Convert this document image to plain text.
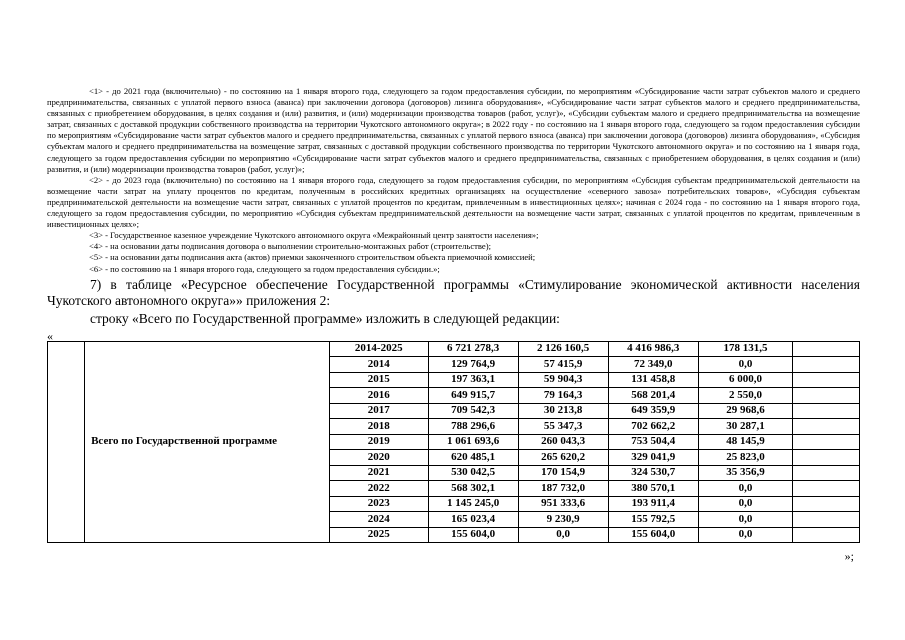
<1> - до 2021 года (включительно) - по состоянию на 1 января второго года, следующего за годом предоставления субсидии, по мероприятиям «Субсидирование части затрат субъектов малого и среднего предпринимательства, связанных с уплатой первого взноса (аванса) при заключении договора (договоров) лизинга оборудования», «Субсидирование части затрат субъектов малого и среднего предпринимательства, связанных с приобретением оборудования, в целях создания и (или) развития, и (или) модернизации производства товаров (работ, услуг)», «Субсидии субъектам малого и среднего предпринимательства на возмещение затрат, связанных с доставкой продукции собственного производства на территории Чукотского автономного округа»; в 2022 году - по состоянию на 1 января второго года, следующего за годом предоставления субсидии по мероприятиям «Субсидирование части затрат субъектов малого и среднего предпринимательства, связанных с уплатой первого взноса (аванса) при заключении договора (договоров) лизинга оборудования», «Субсидия субъектам малого и среднего предпринимательства на возмещение затрат, связанных с доставкой продукции собственного производства по территории Чукотского автономного округа» и по состоянию на 1 января года, следующего за годом предоставления субсидии по мероприятию «Субсидирование части затрат субъектов малого и среднего предпринимательства, связанных с приобретением оборудования, в целях создания и (или) развития, и (или) модернизации производства товаров (работ, услуг)»;

<2> - до 2023 года (включительно) по состоянию на 1 января второго года, следующего за годом предоставления субсидии, по мероприятиям «Субсидия субъектам предпринимательской деятельности на возмещение части затрат на уплату процентов по кредитам, полученным в российских кредитных организациях на осуществление «северного завоза» потребительских товаров», «Субсидия субъектам предпринимательской деятельности на возмещение части затрат, связанных с уплатой процентов по кредитам, привлеченным в инвестиционных целях»; начиная с 2024 года - по состоянию на 1 января второго года, следующего за годом предоставления субсидии, по мероприятию «Субсидия субъектам предпринимательской деятельности на возмещение части затрат, связанных с уплатой процентов по кредитам, привлеченным в инвестиционных целях»;

<3> - Государственное казенное учреждение Чукотского автономного округа «Межрайонный центр занятости населения»;

<4> - на основании даты подписания договора о выполнении строительно-монтажных работ (строительстве);

<5> - на основании даты подписания акта (актов) приемки законченного строительством объекта приемочной комиссией;

<6> - по состоянию на 1 января второго года, следующего за годом предоставления субсидии.»;

7) в таблице «Ресурсное обеспечение Государственной программы «Стимулирование экономической активности населения Чукотского автономного округа»» приложения 2:

строку «Всего по Государственной программе» изложить в следующей редакции:

«
	Всего по Государственной программе	2014-2025	6 721 278,3	2 126 160,5	4 416 986,3	178 131,5	
		2014	129 764,9	57 415,9	72 349,0	0,0	
		2015	197 363,1	59 904,3	131 458,8	6 000,0	
		2016	649 915,7	79 164,3	568 201,4	2 550,0	
		2017	709 542,3	30 213,8	649 359,9	29 968,6	
		2018	788 296,6	55 347,3	702 662,2	30 287,1	
		2019	1 061 693,6	260 043,3	753 504,4	48 145,9	
		2020	620 485,1	265 620,2	329 041,9	25 823,0	
		2021	530 042,5	170 154,9	324 530,7	35 356,9	
		2022	568 302,1	187 732,0	380 570,1	0,0	
		2023	1 145 245,0	951 333,6	193 911,4	0,0	
		2024	165 023,4	9 230,9	155 792,5	0,0	
		2025	155 604,0	0,0	155 604,0	0,0	
»;
